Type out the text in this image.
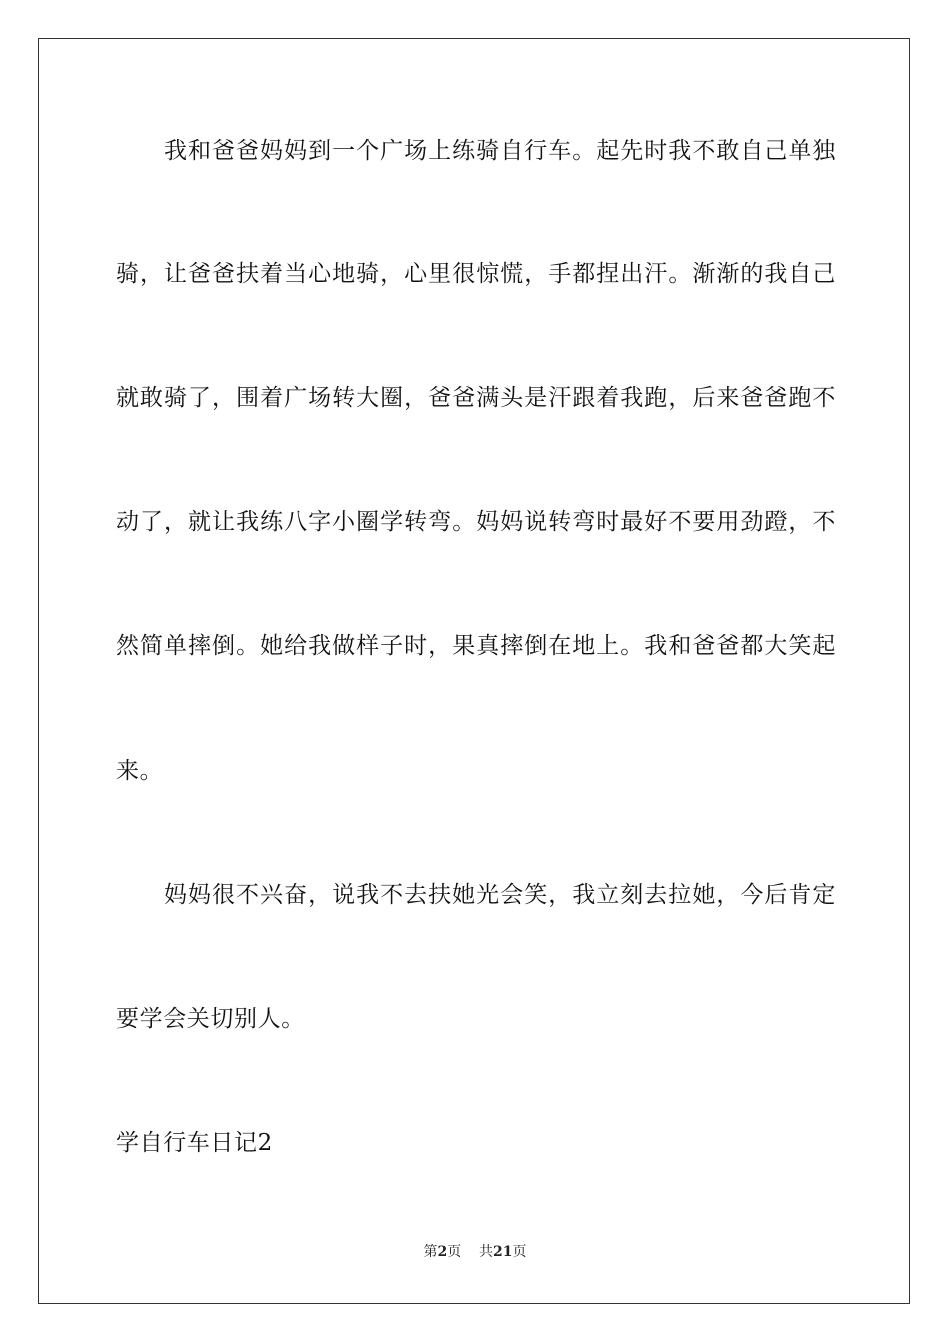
我和爸爸妈妈到一个广场上练骑自行车。起先时我不敢自己单独
骑，让爸爸扶着当心地骑，心里很惊慌，手都捏出汗。渐渐的我自己
就敢骑了，围着广场转大圈，爸爸满头是汗跟着我跑，后来爸爸跑不
动了，就让我练八字小圈学转弯。妈妈说转弯时最好不要用劲蹬，不
然简单摔倒。她给我做样子时，果真摔倒在地上。我和爸爸都大笑起
来。
妈妈很不兴奋，说我不去扶她光会笑，我立刻去拉她，今后肯定
要学会关切别人。
学自行车日记2
第2页 共21页
